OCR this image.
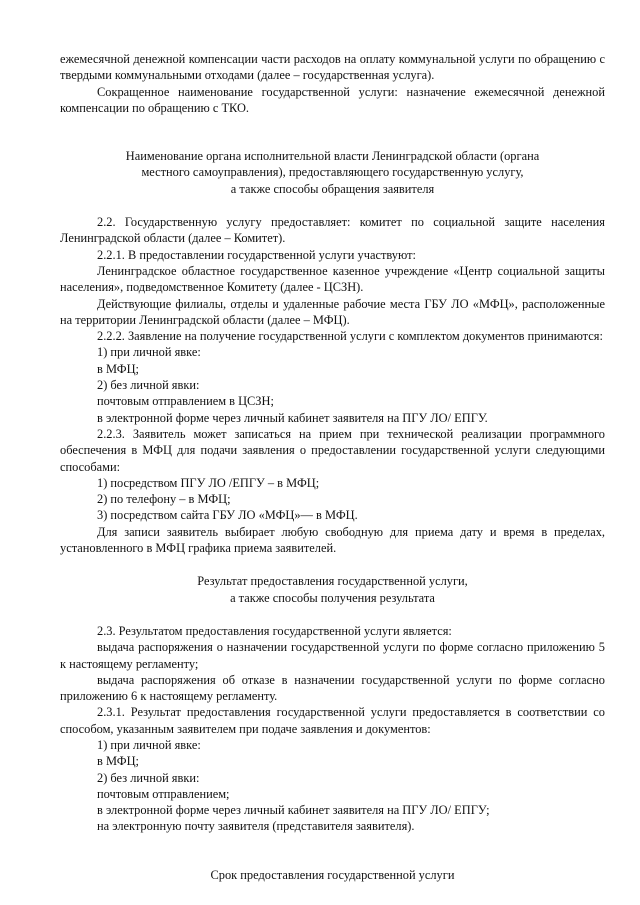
ежемесячной денежной компенсации части расходов на оплату коммунальной услуги по обращению с твердыми коммунальными отходами (далее – государственная услуга).

Сокращенное наименование государственной услуги: назначение ежемесячной денежной компенсации по обращению с ТКО.

Наименование органа исполнительной власти Ленинградской области (органа

местного самоуправления), предоставляющего государственную услугу,

а также способы обращения заявителя

2.2. Государственную услугу предоставляет: комитет по социальной защите населения Ленинградской области (далее – Комитет).

2.2.1. В предоставлении государственной услуги участвуют:

Ленинградское областное государственное казенное учреждение «Центр социальной защиты населения», подведомственное Комитету (далее - ЦСЗН).

Действующие филиалы, отделы и удаленные рабочие места ГБУ ЛО «МФЦ», расположенные на территории Ленинградской области (далее – МФЦ).

2.2.2. Заявление на получение государственной услуги с комплектом документов принимаются:

1) при личной явке:

в МФЦ;

2) без личной явки:

почтовым отправлением в ЦСЗН;

в электронной форме через личный кабинет заявителя на ПГУ ЛО/ ЕПГУ.

2.2.3. Заявитель может записаться на прием при технической реализации программного обеспечения в МФЦ для подачи заявления о предоставлении государственной услуги следующими способами:

1) посредством ПГУ ЛО /ЕПГУ – в МФЦ;

2) по телефону – в МФЦ;

3) посредством сайта ГБУ ЛО «МФЦ»— в МФЦ.

Для записи заявитель выбирает любую свободную для приема дату и время в пределах, установленного в МФЦ графика приема заявителей.

Результат предоставления государственной услуги,

а также способы получения результата

2.3. Результатом предоставления государственной услуги является:

выдача распоряжения о назначении государственной услуги по форме согласно приложению 5 к настоящему регламенту;

выдача распоряжения об отказе в назначении государственной услуги по форме согласно приложению 6 к настоящему регламенту.

2.3.1. Результат предоставления государственной услуги предоставляется в соответствии со способом, указанным заявителем при подаче заявления и документов:

1) при личной явке:

в МФЦ;

2) без личной явки:

почтовым отправлением;

в электронной форме через личный кабинет заявителя на ПГУ ЛО/ ЕПГУ;

на электронную почту заявителя (представителя заявителя).

Срок предоставления государственной услуги
